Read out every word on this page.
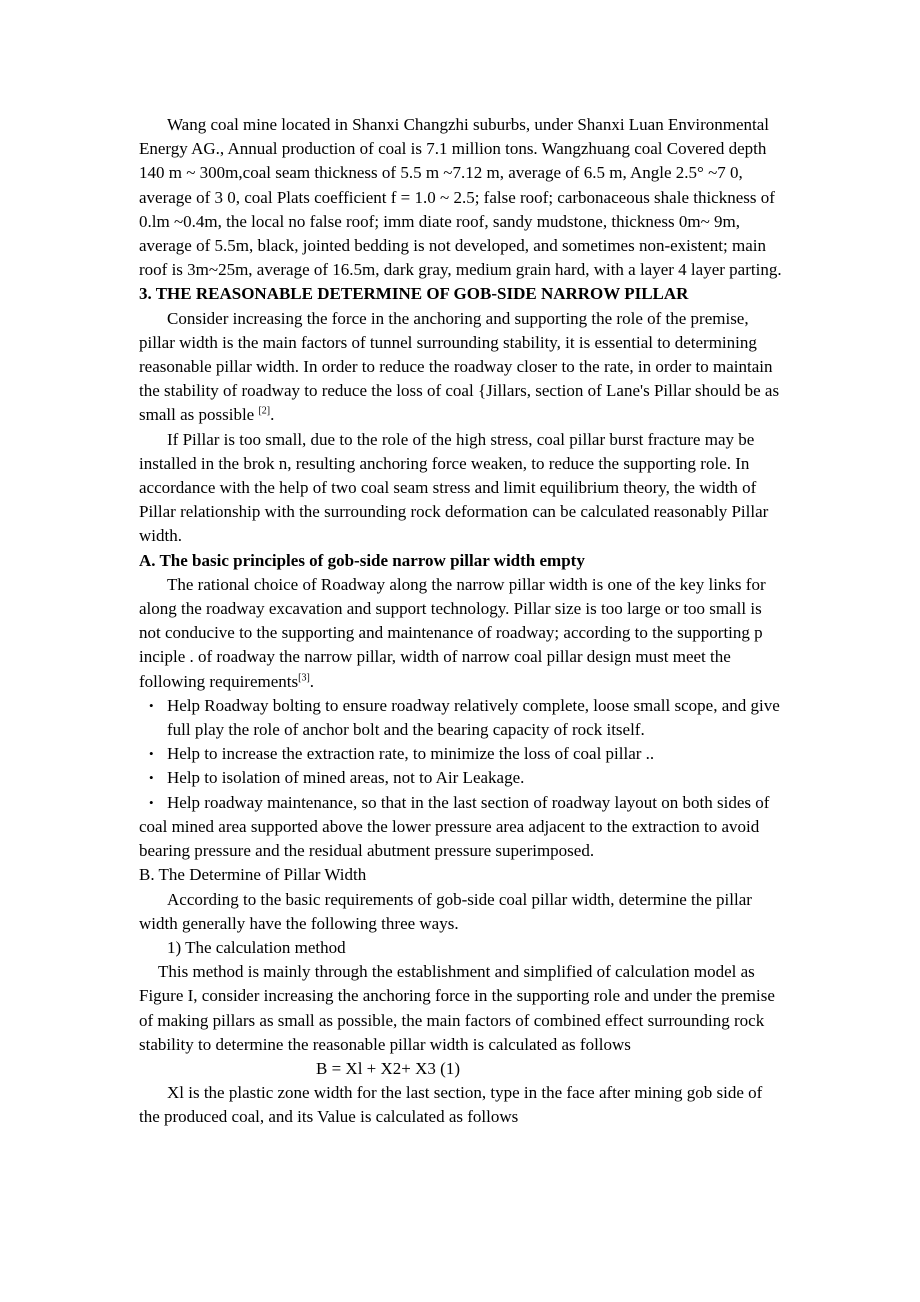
Wang coal mine located in Shanxi Changzhi suburbs, under Shanxi Luan Environmental Energy AG., Annual production of coal is 7.1 million tons. Wangzhuang coal Covered depth 140 m ~ 300m,coal seam thickness of 5.5 m ~7.12 m, average of 6.5 m, Angle 2.5° ~7 0, average of 3 0, coal Plats coefficient f = 1.0 ~ 2.5; false roof; carbonaceous shale thickness of 0.lm ~0.4m, the local no false roof; imm diate roof, sandy mudstone, thickness 0m~ 9m, average of 5.5m, black, jointed bedding is not developed, and sometimes non-existent; main roof is 3m~25m, average of 16.5m, dark gray, medium grain hard, with a layer 4 layer parting.

3. THE REASONABLE DETERMINE OF GOB-SIDE NARROW PILLAR

Consider increasing the force in the anchoring and supporting the role of the premise, pillar width is the main factors of tunnel surrounding stability, it is essential to determining reasonable pillar width. In order to reduce the roadway closer to the rate, in order to maintain the stability of roadway to reduce the loss of coal {Jillars, section of Lane's Pillar should be as small as possible [2].

If Pillar is too small, due to the role of the high stress, coal pillar burst fracture may be installed in the brok n, resulting anchoring force weaken, to reduce the supporting role. In accordance with the help of two coal seam stress and limit equilibrium theory, the width of Pillar relationship with the surrounding rock deformation can be calculated reasonably Pillar width.

A. The basic principles of gob-side narrow pillar width empty

The rational choice of Roadway along the narrow pillar width is one of the key links for along the roadway excavation and support technology. Pillar size is too large or too small is not conducive to the supporting and maintenance of roadway; according to the supporting p inciple . of roadway the narrow pillar, width of narrow coal pillar design must meet the following requirements[3].

• Help Roadway bolting to ensure roadway relatively complete, loose small scope, and give full play the role of anchor bolt and the bearing capacity of rock itself.
• Help to increase the extraction rate, to minimize the loss of coal pillar ..
• Help to isolation of mined areas, not to Air Leakage.
• Help roadway maintenance, so that in the last section of roadway layout on both sides of coal mined area supported above the lower pressure area adjacent to the extraction to avoid bearing pressure and the residual abutment pressure superimposed.

B. The Determine of Pillar Width

According to the basic requirements of gob-side coal pillar width, determine the pillar width generally have the following three ways.

1) The calculation method

This method is mainly through the establishment and simplified of calculation model as Figure I, consider increasing the anchoring force in the supporting role and under the premise of making pillars as small as possible, the main factors of combined effect surrounding rock stability to determine the reasonable pillar width is calculated as follows

B = Xl + X2+ X3 (1)

Xl is the plastic zone width for the last section, type in the face after mining gob side of the produced coal, and its Value is calculated as follows
